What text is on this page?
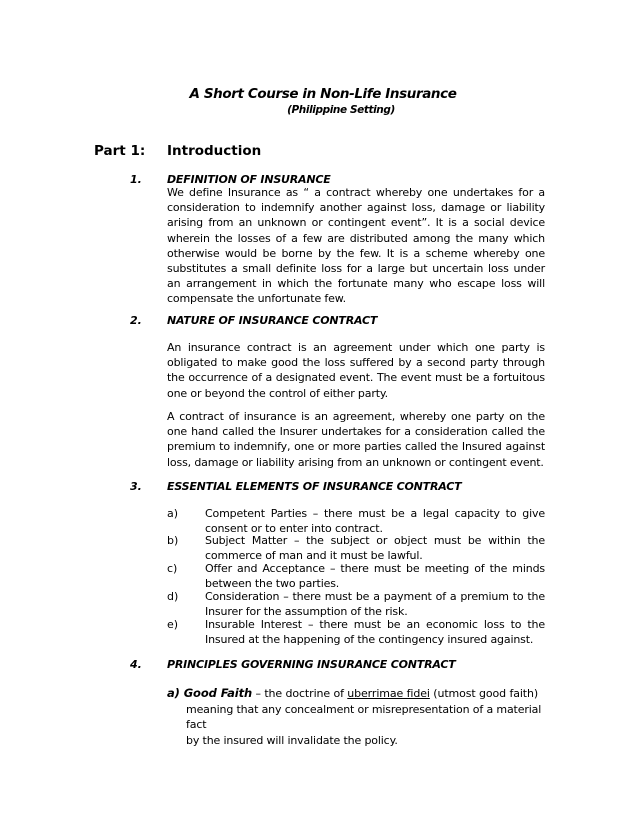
A Short Course in Non-Life Insurance
(Philippine Setting)
Part 1: Introduction
1. DEFINITION OF INSURANCE
We define Insurance as “ a contract whereby one undertakes for a consideration to indemnify another against loss, damage or liability arising from an unknown or contingent event”. It is a social device wherein the losses of a few are distributed among the many which otherwise would be borne by the few. It is a scheme whereby one substitutes a small definite loss for a large but uncertain loss under an arrangement in which the fortunate many who escape loss will compensate the unfortunate few.
2. NATURE OF INSURANCE CONTRACT
An insurance contract is an agreement under which one party is obligated to make good the loss suffered by a second party through the occurrence of a designated event. The event must be a fortuitous one or beyond the control of either party.
A contract of insurance is an agreement, whereby one party on the one hand called the Insurer undertakes for a consideration called the premium to indemnify, one or more parties called the Insured against loss, damage or liability arising from an unknown or contingent event.
3. ESSENTIAL ELEMENTS OF INSURANCE CONTRACT
a) Competent Parties – there must be a legal capacity to give consent or to enter into contract.
b) Subject Matter – the subject or object must be within the commerce of man and it must be lawful.
c)	Offer and Acceptance – there must be meeting of the minds between the two parties.
d) Consideration – there must be a payment of a premium to the Insurer for the assumption of the risk.
e) Insurable Interest – there must be an economic loss to the Insured at the happening of the contingency insured against.
4. PRINCIPLES GOVERNING INSURANCE CONTRACT
a) Good Faith – the doctrine of uberrimae fidei (utmost good faith)
meaning that any concealment or misrepresentation of a material fact
by the insured will invalidate the policy.
